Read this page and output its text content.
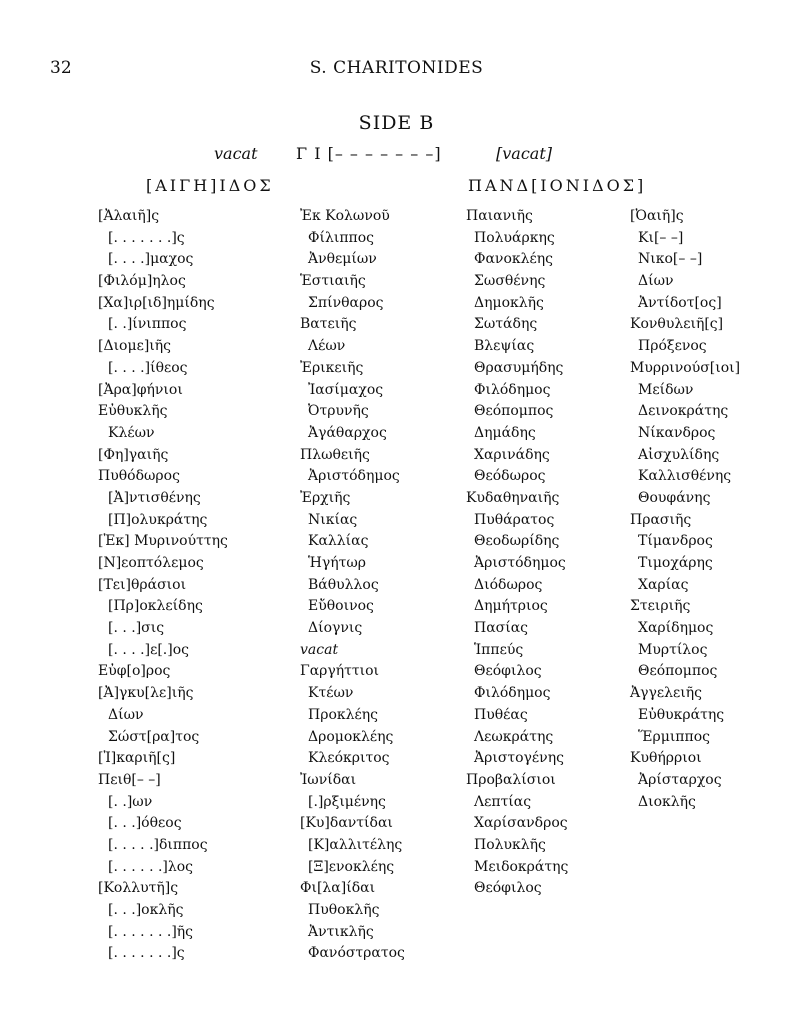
32	S. CHARITONIDES
SIDE B
vacat Γ I [– – – – – – –]	[vacat]
[ΑΙΓΗ]ΙΔΟΣ	ΠΑΝΔ[ΙΟΝΙΔΟΣ]
[Ἀλαιῆ]ς
[. . . . . . .]ς
[. . . .]μαχος
[Φιλόμ]ηλος
[Χα]ιρ[ιδ]ημίδης
[. .]ίνιππος
[Διομε]ιῆς
[. . . .]ίθεος
[Ἀρα]φήνιοι
Εὐθυκλῆς
Κλέων
[Φη]γαιῆς
Πυθόδωρος
[Ἀ]ντισθένης
[Π]ολυκράτης
[Ἐκ] Μυρινούττης
[Ν]εοπτόλεμος
[Τει]θράσιοι
[Πρ]οκλείδης
[. . .]σις
[. . . .]ε[.]ος
Εὐφ[ο]ρος
[Ἀ]γκυ[λε]ιῆς
Δίων
Σώστ[ρα]τος
[Ἰ]καριῆ[ς]
Πειθ[– –]
[. .]ων
[. . .]όθεος
[. . . . .]διππος
[. . . . . .]λος
[Κολλυτῆ]ς
[. . .]οκλῆς
[. . . . . . .]ῆς
[. . . . . . .]ς
Ἐκ Κολωνοῦ
Φίλιππος
Ἀνθεμίων
Ἑστιαιῆς
Σπίνθαρος
Βατειῆς
Λέων
Ἐρικειῆς
Ἰασίμαχος
Ὀτρυνῆς
Ἀγάθαρχος
Πλωθειῆς
Ἀριστόδημος
Ἐρχιῆς
Νικίας
Καλλίας
Ἡγήτωρ
Βάθυλλος
Εὔθοινος
Δίογνις
vacat
Γαργήττιοι
Κτέων
Προκλέης
Δρομοκλέης
Κλεόκριτος
Ἰωνίδαι
[.]ρξιμένης
[Κυ]δαντίδαι
[Κ]αλλιτέλης
[Ξ]ενοκλέης
Φι[λα]ίδαι
Πυθοκλῆς
Ἀντικλῆς
Φανόστρατος
Παιανιῆς
Πολυάρκης
Φανοκλέης
Σωσθένης
Δημοκλῆς
Σωτάδης
Βλεψίας
Θρασυμήδης
Φιλόδημος
Θεόπομπος
Δημάδης
Χαρινάδης
Θεόδωρος
Κυδαθηναιῆς
Πυθάρατος
Θεοδωρίδης
Ἀριστόδημος
Διόδωρος
Δημήτριος
Πασίας
Ἱππεύς
Θεόφιλος
Φιλόδημος
Πυθέας
Λεωκράτης
Ἀριστογένης
Προβαλίσιοι
Λεπτίας
Χαρίσανδρος
Πολυκλῆς
Μειδοκράτης
Θεόφιλος
[Ὀαιῆ]ς
Κι[– –]
Νικο[– –]
Δίων
Ἀντίδοτ[ος]
Κονθυλειῆ[ς]
Πρόξενος
Μυρρινούσ[ιοι]
Μείδων
Δεινοκράτης
Νίκανδρος
Αἰσχυλίδης
Καλλισθένης
Θουφάνης
Πρασιῆς
Τίμανδρος
Τιμοχάρης
Χαρίας
Στειριῆς
Χαρίδημος
Μυρτίλος
Θεόπομπος
Ἀγγελειῆς
Εὐθυκράτης
Ἕρμιππος
Κυθήρριοι
Ἀρίσταρχος
Διοκλῆς
